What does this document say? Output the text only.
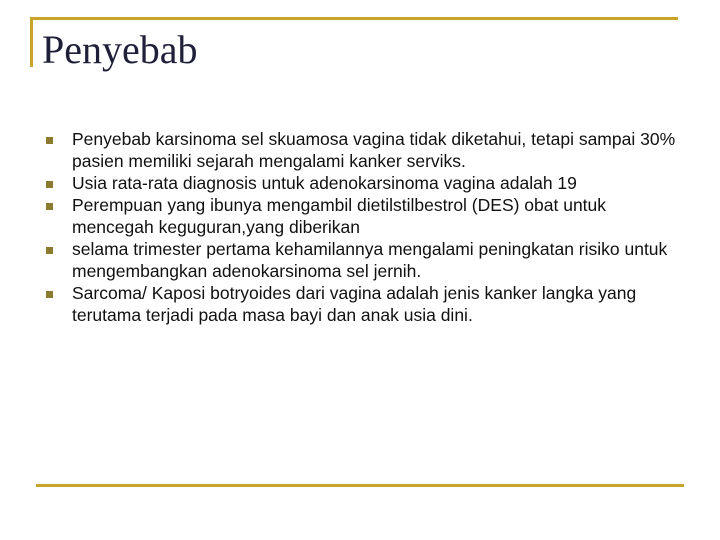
Penyebab
Penyebab karsinoma sel skuamosa vagina tidak diketahui, tetapi sampai 30% pasien memiliki sejarah mengalami kanker serviks.
Usia rata-rata diagnosis untuk adenokarsinoma vagina adalah 19
Perempuan yang ibunya mengambil dietilstilbestrol (DES) obat untuk mencegah keguguran,yang diberikan
selama trimester pertama kehamilannya mengalami peningkatan risiko untuk mengembangkan adenokarsinoma sel jernih.
Sarcoma/ Kaposi botryoides dari vagina adalah jenis kanker langka yang terutama terjadi pada masa bayi dan anak usia dini.
